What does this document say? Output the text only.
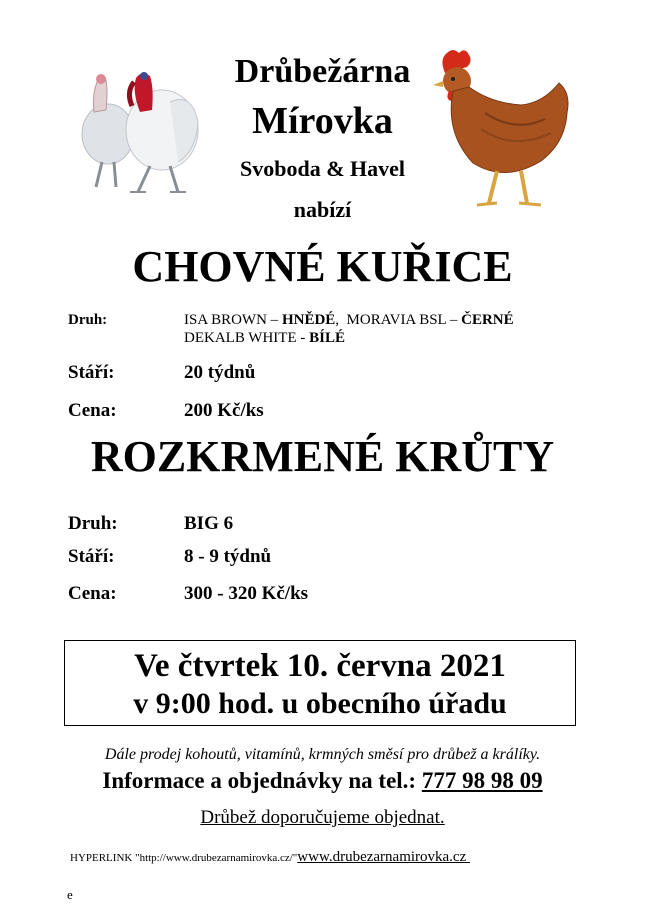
Drůbežárna
Mírovka
Svoboda & Havel
nabízí
CHOVNÉ KUŘICE
Druh:	ISA BROWN – HNĚDÉ,  MORAVIA BSL – ČERNÉ
DEKALB WHITE - BÍLÉ
Stáří:	20 týdnů
Cena:	200 Kč/ks
ROZKRMENÉ KRŮTY
Druh:	BIG 6
Stáří:	8 - 9 týdnů
Cena:	300 - 320 Kč/ks
Ve čtvrtek 10. června 2021
v 9:00 hod. u obecního úřadu
Dále prodej kohoutů, vitamínů, krmných směsí pro drůbež a králíky.
Informace a objednávky na tel.: 777 98 98 09
Drůbež doporučujeme objednat.
HYPERLINK "http://www.drubezarnamirovka.cz/"www.drubezarnamirovka.cz
e
